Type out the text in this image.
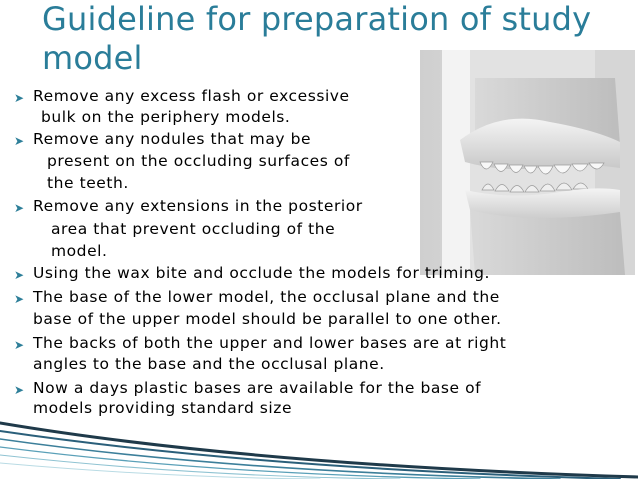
Guideline for preparation of study
model
➤ Remove any excess flash or excessive
bulk on the periphery models.
➤ Remove any nodules that may be
present on the occluding surfaces of
the teeth.
➤ Remove any extensions in the posterior
area that prevent occluding of the
model.
➤ Using the wax bite and occlude the models for triming.
➤ The base of the lower model, the occlusal plane and the
base of the upper model should be parallel to one other.
➤ The backs of both the upper and lower bases are at right
angles to the base and the occlusal plane.
➤ Now a days plastic bases are available for the base of
models providing standard size
